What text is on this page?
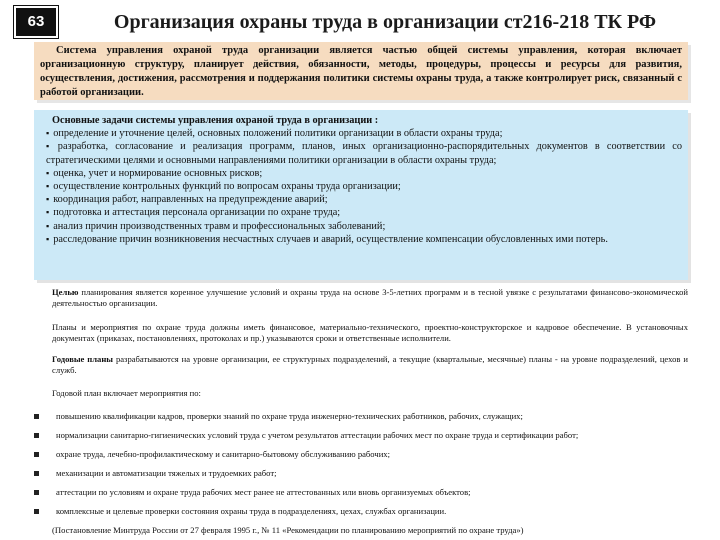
63	Организация охраны труда в организации ст216-218 ТК РФ
Система управления охраной труда организации является частью общей системы управления, которая включает организационную структуру, планирует действия, обязанности, методы, процедуры, процессы и ресурсы для развития, осуществления, достижения, рассмотрения и поддержания политики системы охраны труда, а также контролирует риск, связанный с работой организации.
Основные задачи системы управления охраной труда в организации :
▪ определение и уточнение целей, основных положений политики организации в области охраны труда;
▪ разработка, согласование и реализация программ, планов, иных организационно-распорядительных документов в соответствии со стратегическими целями и основными направлениями политики организации в области охраны труда;
▪ оценка, учет и нормирование основных рисков;
▪ осуществление контрольных функций по вопросам охраны труда организации;
▪ координация работ, направленных на предупреждение аварий;
▪ подготовка и аттестация персонала организации по охране труда;
▪ анализ причин производственных травм и профессиональных заболеваний;
▪ расследование причин возникновения несчастных случаев и аварий, осуществление компенсации обусловленных ими потерь.

Целью планирования является коренное улучшение условий и охраны труда на основе 3-5-летних программ и в тесной увязке с результатами финансово-экономической деятельностью организации.

Планы и мероприятия по охране труда должны иметь финансовое, материально-технического, проектно-конструкторское и кадровое обеспечение. В установочных документах (приказах, постановлениях, протоколах и пр.) указываются сроки и ответственные исполнители.

Годовые планы разрабатываются на уровне организации, ее структурных подразделений, а текущие (квартальные, месячные) планы - на уровне подразделений, цехов и служб.

Годовой план включает мероприятия по:

повышению квалификации кадров, проверки знаний по охране труда инженерно-технических работников, рабочих, служащих;
нормализации санитарно-гигиенических условий труда с учетом результатов аттестации рабочих мест по охране труда и сертификации работ;
охране труда, лечебно-профилактическому и санитарно-бытовому обслуживанию рабочих;
механизации и автоматизации тяжелых и трудоемких работ;
аттестации по условиям и охране труда рабочих мест ранее не аттестованных или вновь организуемых объектов;
комплексные и целевые проверки состояния охраны труда в подразделениях, цехах, службах организации.

(Постановление Минтруда России от 27 февраля 1995 г., № 11 «Рекомендации по планированию мероприятий по охране труда»)
